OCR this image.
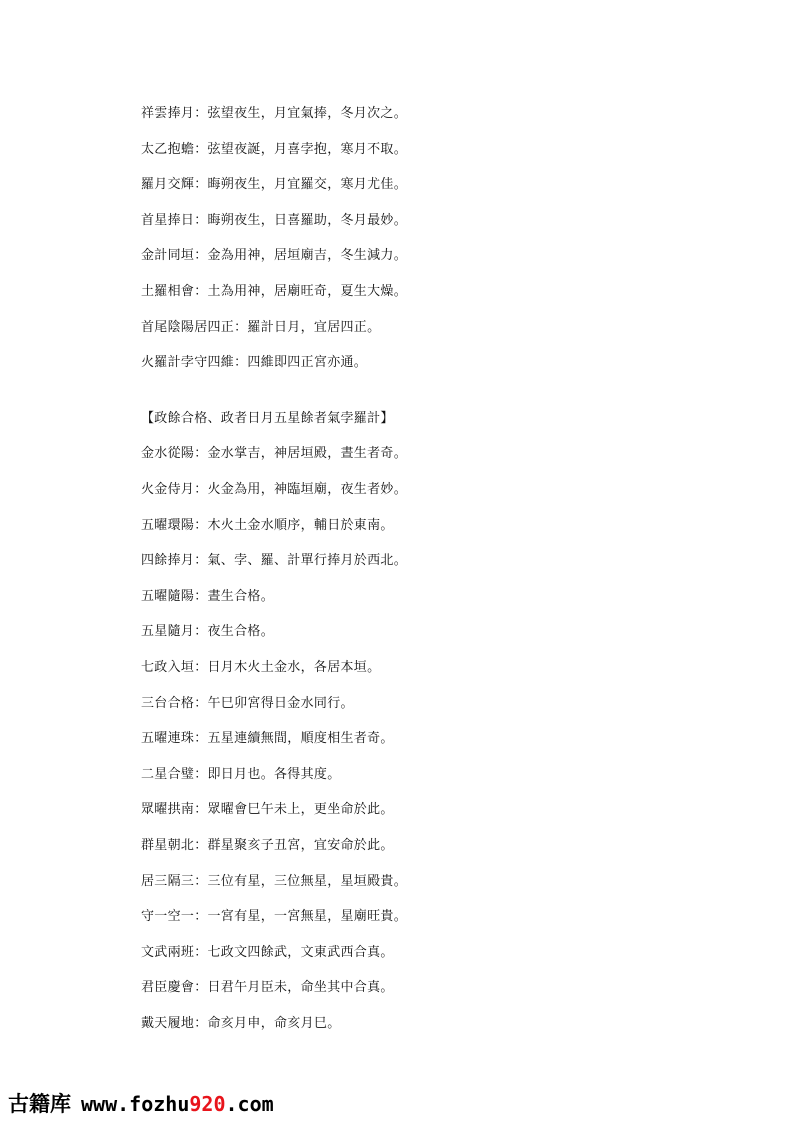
祥雲捧月：弦望夜生，月宜氣捧，冬月次之。
太乙抱蟾：弦望夜誕，月喜孛抱，寒月不取。
羅月交輝：晦朔夜生，月宜羅交，寒月尤佳。
首星捧日：晦朔夜生，日喜羅助，冬月最妙。
金計同垣：金為用神，居垣廟吉，冬生減力。
土羅相會：土為用神，居廟旺奇，夏生大燥。
首尾陰陽居四正：羅計日月，宜居四正。
火羅計孛守四維：四維即四正宮亦通。
【政餘合格、政者日月五星餘者氣孛羅計】
金水從陽：金水掌吉，神居垣殿，晝生者奇。
火金侍月：火金為用，神臨垣廟，夜生者妙。
五曜環陽：木火土金水順序，輔日於東南。
四餘捧月：氣、孛、羅、計單行捧月於西北。
五曜隨陽：晝生合格。
五星隨月：夜生合格。
七政入垣：日月木火土金水，各居本垣。
三台合格：午巳卯宮得日金水同行。
五曜連珠：五星連續無間，順度相生者奇。
二星合璧：即日月也。各得其度。
眾曜拱南：眾曜會巳午未上，更坐命於此。
群星朝北：群星聚亥子丑宮，宜安命於此。
居三隔三：三位有星，三位無星，星垣殿貴。
守一空一：一宮有星，一宮無星，星廟旺貴。
文武兩班：七政文四餘武，文東武西合真。
君臣慶會：日君午月臣未，命坐其中合真。
戴天履地：命亥月申，命亥月巳。
古籍库 www.fozhu920.com
